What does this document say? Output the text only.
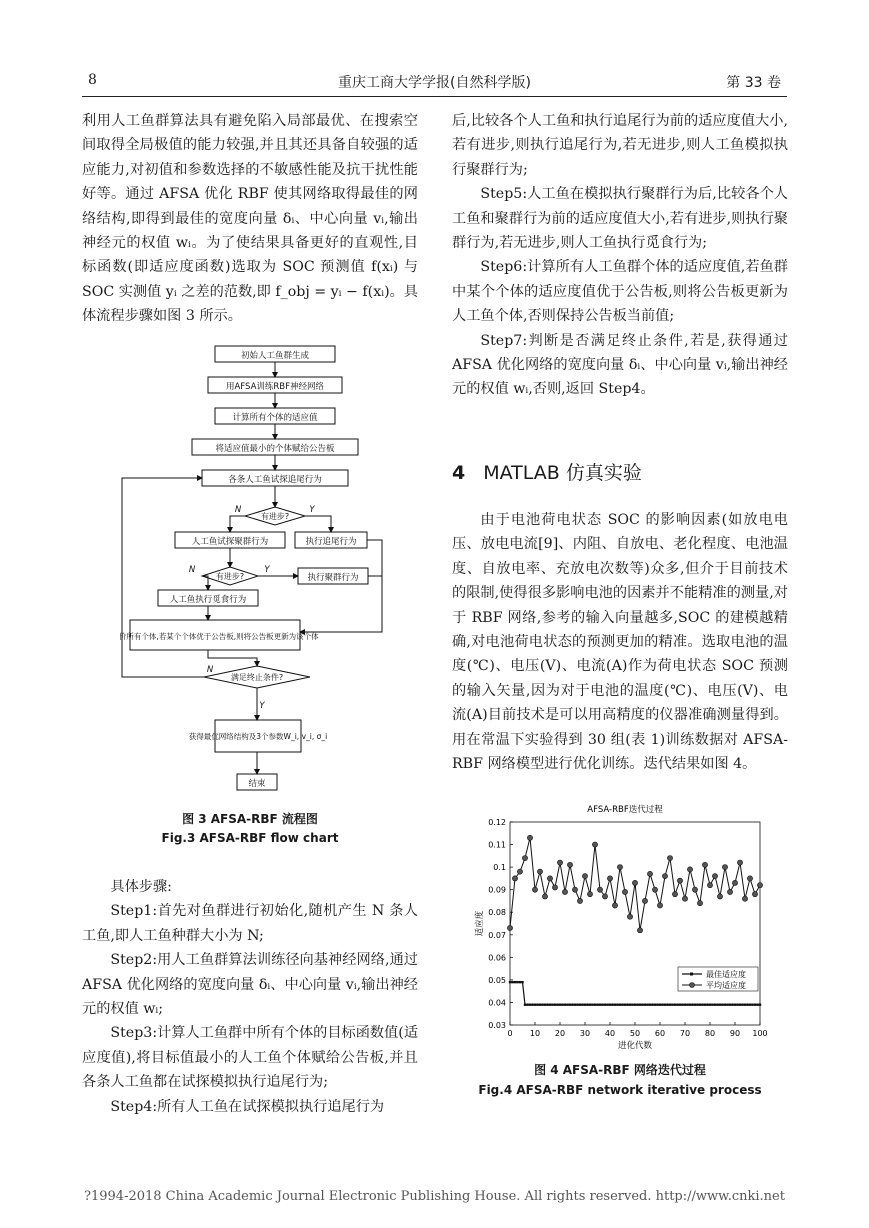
8	重庆工商大学学报(自然科学版)	第 33 卷

利用人工鱼群算法具有避免陷入局部最优、在搜索空间取得全局极值的能力较强,并且其还具备自较强的适应能力,对初值和参数选择的不敏感性能及抗干扰性能好等。通过 AFSA 优化 RBF 使其网络取得最佳的网络结构,即得到最佳的宽度向量 δᵢ、中心向量 vᵢ,输出神经元的权值 wᵢ。为了使结果具备更好的直观性,目标函数(即适应度函数)选取为 SOC 预测值 f(xᵢ) 与 SOC 实测值 yᵢ 之差的范数,即 f_obj = yᵢ − f(xᵢ)。具体流程步骤如图 3 所示。

初始人工鱼群生成
用AFSA训练RBF神经网络
计算所有个体的适应值
将适应值最小的个体赋给公告板
各条人工鱼试探追尾行为
有进步?
人工鱼试探聚群行为	执行追尾行为
有进步?	执行聚群行为
人工鱼执行觅食行为
评价所有个体,若某个个体优于公告板,则将公告板更新为该个体
满足终止条件?
获得最优网络结构及3个参数W_i, v_i, σ_i
结束
N	Y
N	Y
N
Y
图 3 AFSA-RBF 流程图
Fig.3 AFSA-RBF flow chart

具体步骤:

Step1:首先对鱼群进行初始化,随机产生 N 条人工鱼,即人工鱼种群大小为 N;

Step2:用人工鱼群算法训练径向基神经网络,通过 AFSA 优化网络的宽度向量 δᵢ、中心向量 vᵢ,输出神经元的权值 wᵢ;

Step3:计算人工鱼群中所有个体的目标函数值(适应度值),将目标值最小的人工鱼个体赋给公告板,并且各条人工鱼都在试探模拟执行追尾行为;

Step4:所有人工鱼在试探模拟执行追尾行为

后,比较各个人工鱼和执行追尾行为前的适应度值大小,若有进步,则执行追尾行为,若无进步,则人工鱼模拟执行聚群行为;

Step5:人工鱼在模拟执行聚群行为后,比较各个人工鱼和聚群行为前的适应度值大小,若有进步,则执行聚群行为,若无进步,则人工鱼执行觅食行为;

Step6:计算所有人工鱼群个体的适应度值,若鱼群中某个个体的适应度值优于公告板,则将公告板更新为人工鱼个体,否则保持公告板当前值;

Step7:判断是否满足终止条件,若是,获得通过 AFSA 优化网络的宽度向量 δᵢ、中心向量 vᵢ,输出神经元的权值 wᵢ,否则,返回 Step4。

4 MATLAB 仿真实验

由于电池荷电状态 SOC 的影响因素(如放电电压、放电电流[9]、内阻、自放电、老化程度、电池温度、自放电率、充放电次数等)众多,但介于目前技术的限制,使得很多影响电池的因素并不能精准的测量,对于 RBF 网络,参考的输入向量越多,SOC 的建模越精确,对电池荷电状态的预测更加的精准。选取电池的温度(℃)、电压(V)、电流(A)作为荷电状态 SOC 预测的输入矢量,因为对于电池的温度(℃)、电压(V)、电流(A)目前技术是可以用高精度的仪器准确测量得到。用在常温下实验得到 30 组(表 1)训练数据对 AFSA-RBF 网络模型进行优化训练。迭代结果如图 4。

AFSA-RBF迭代过程
0.03
0.04
0.05
0.06
0.07
0.08
0.09
0.1
0.11
0.12
0 10 20 30 40 50 60 70 80 90 100
进化代数
适应度
最佳适应度
平均适应度
图 4 AFSA-RBF 网络迭代过程
Fig.4 AFSA-RBF network iterative process
?1994-2018 China Academic Journal Electronic Publishing House. All rights reserved. http://www.cnki.net
